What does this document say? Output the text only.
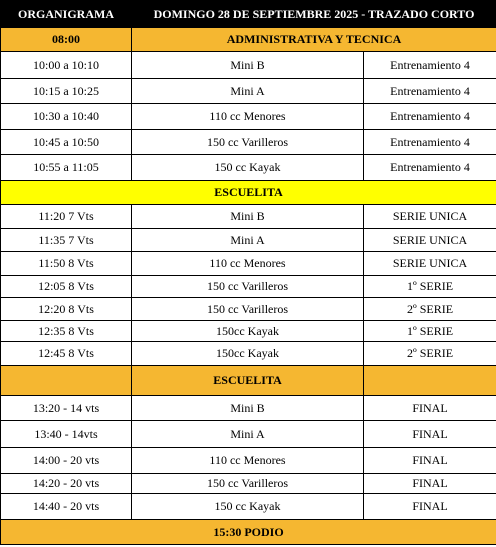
ORGANIGRAMA	DOMINGO 28 DE SEPTIEMBRE 2025 - TRAZADO CORTO	
08:00	ADMINISTRATIVA Y TECNICA	
10:00 a 10:10	Mini B	Entrenamiento 4
10:15 a 10:25	Mini A	Entrenamiento 4
10:30 a 10:40	110 cc Menores	Entrenamiento 4
10:45 a 10:50	150 cc Varilleros	Entrenamiento 4
10:55 a 11:05	150 cc Kayak	Entrenamiento 4
ESCUELITA		
11:20 7 Vts	Mini B	SERIE UNICA
11:35 7 Vts	Mini A	SERIE UNICA
11:50 8 Vts	110 cc Menores	SERIE UNICA
12:05 8 Vts	150 cc Varilleros	1º SERIE
12:20 8 Vts	150 cc Varilleros	2º SERIE
12:35 8 Vts	150cc Kayak	1º SERIE
12:45 8 Vts	150cc Kayak	2º SERIE
	ESCUELITA	
13:20 - 14 vts	Mini B	FINAL
13:40 - 14vts	Mini A	FINAL
14:00 - 20 vts	110 cc Menores	FINAL
14:20 - 20 vts	150 cc Varilleros	FINAL
14:40 - 20 vts	150 cc Kayak	FINAL
15:30 PODIO		
